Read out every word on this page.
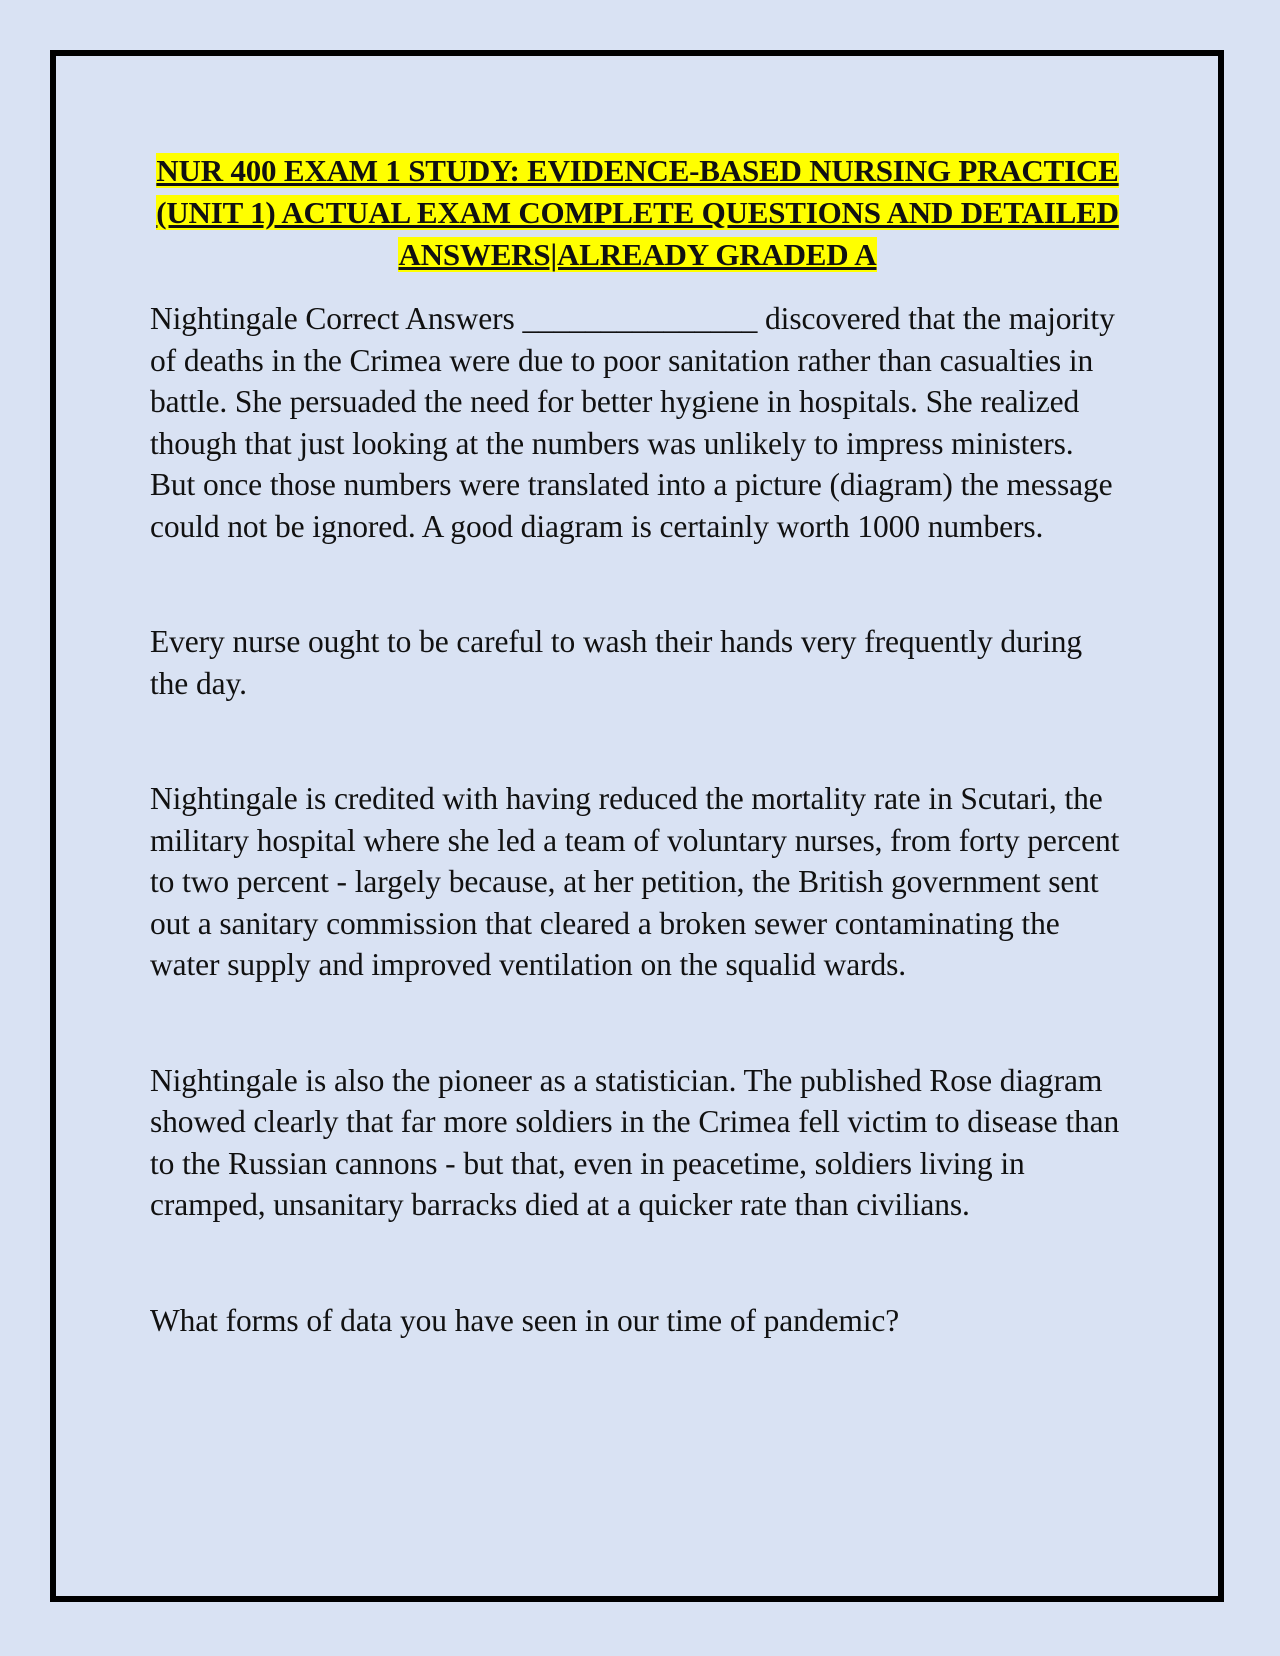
NUR 400 EXAM 1 STUDY: EVIDENCE-BASED NURSING PRACTICE (UNIT 1) ACTUAL EXAM COMPLETE QUESTIONS AND DETAILED ANSWERS|ALREADY GRADED A

Nightingale Correct Answers _______________ discovered that the majority of deaths in the Crimea were due to poor sanitation rather than casualties in battle. She persuaded the need for better hygiene in hospitals. She realized though that just looking at the numbers was unlikely to impress ministers. But once those numbers were translated into a picture (diagram) the message could not be ignored. A good diagram is certainly worth 1000 numbers.

Every nurse ought to be careful to wash their hands very frequently during the day.

Nightingale is credited with having reduced the mortality rate in Scutari, the military hospital where she led a team of voluntary nurses, from forty percent to two percent - largely because, at her petition, the British government sent out a sanitary commission that cleared a broken sewer contaminating the water supply and improved ventilation on the squalid wards.

Nightingale is also the pioneer as a statistician. The published Rose diagram showed clearly that far more soldiers in the Crimea fell victim to disease than to the Russian cannons - but that, even in peacetime, soldiers living in cramped, unsanitary barracks died at a quicker rate than civilians.

What forms of data you have seen in our time of pandemic?
